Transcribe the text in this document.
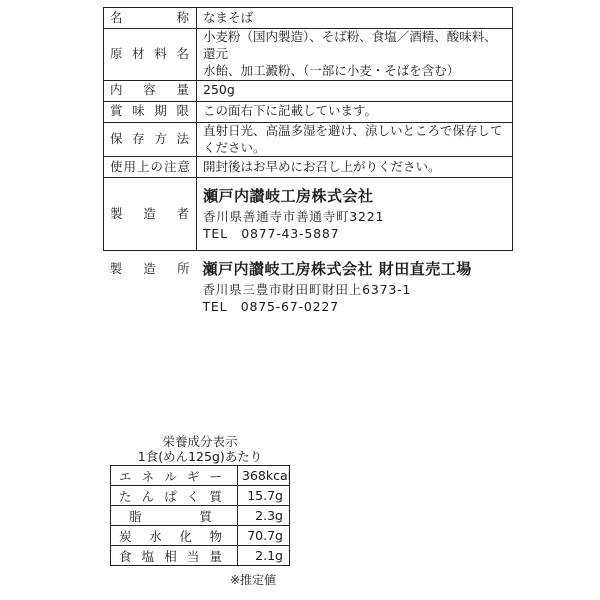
名称	なまそば
原材料名	小麦粉（国内製造）、そば粉、食塩／酒精、酸味料、還元
水飴、加工澱粉、（一部に小麦・そばを含む）

内容量	250g
賞味期限	この面右下に記載しています。
保存方法	直射日光、高温多湿を避け、涼しいところで保存してください。
使用上の注意	開封後はお早めにお召し上がりください。
製造者	瀬戸内讃岐工房株式会社
香川県善通寺市善通寺町3221
TEL　0877-43-5887

製造所	瀬戸内讃岐工房株式会社 財田直売工場
香川県三豊市財田町財田上6373-1
TEL　0875-67-0227
栄養成分表示
1食(めん125g)あたり
エネルギー	368kcal
たんぱく質	15.7g
脂質	2.3g
炭水化物	70.7g
食塩相当量	2.1g
※推定値
